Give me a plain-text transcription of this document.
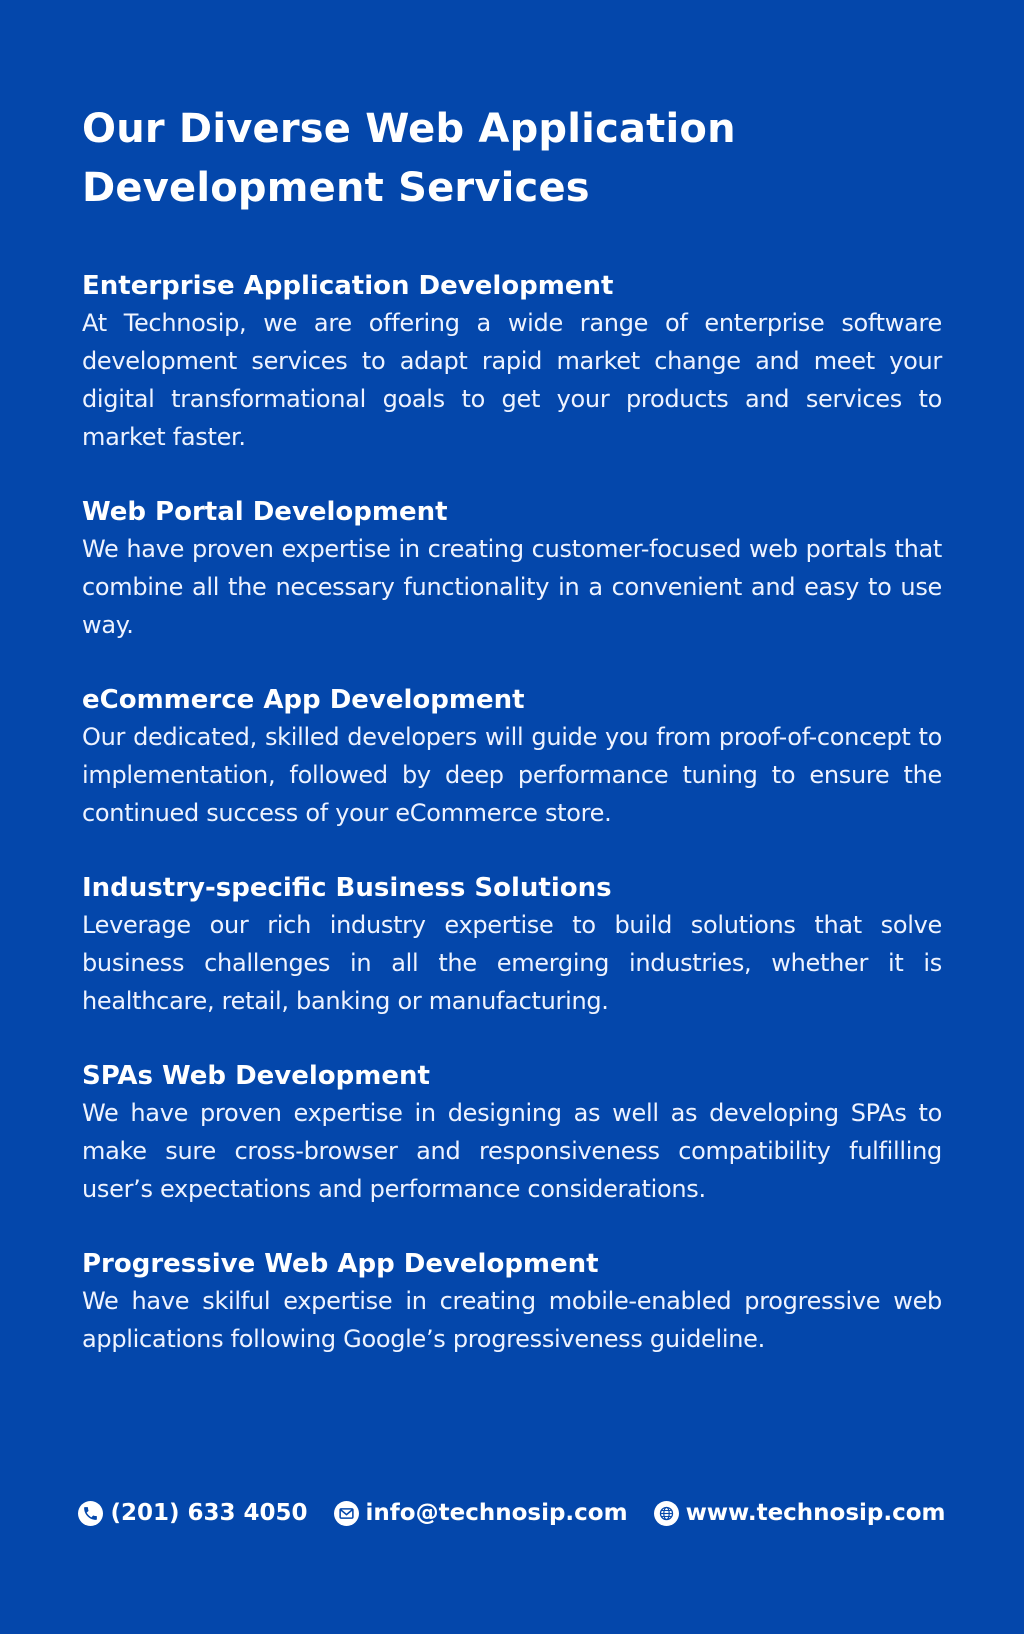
Our Diverse Web Application
Development Services
Enterprise Application Development

At Technosip, we are offering a wide range of enterprise software development services to adapt rapid market change and meet your digital transformational goals to get your products and services to market faster.

Web Portal Development

We have proven expertise in creating customer-focused web portals that combine all the necessary functionality in a convenient and easy to use way.

eCommerce App Development

Our dedicated, skilled developers will guide you from proof-of-concept to implementation, followed by deep performance tuning to ensure the continued success of your eCommerce store.

Industry-specific Business Solutions

Leverage our rich industry expertise to build solutions that solve business challenges in all the emerging industries, whether it is healthcare, retail, banking or manufacturing.

SPAs Web Development

We have proven expertise in designing as well as developing SPAs to make sure cross-browser and responsiveness compatibility fulfilling user’s expectations and performance considerations.

Progressive Web App Development

We have skilful expertise in creating mobile-enabled progressive web applications following Google’s progressiveness guideline.

(201) 633 4050	info@technosip.com	www.technosip.com
